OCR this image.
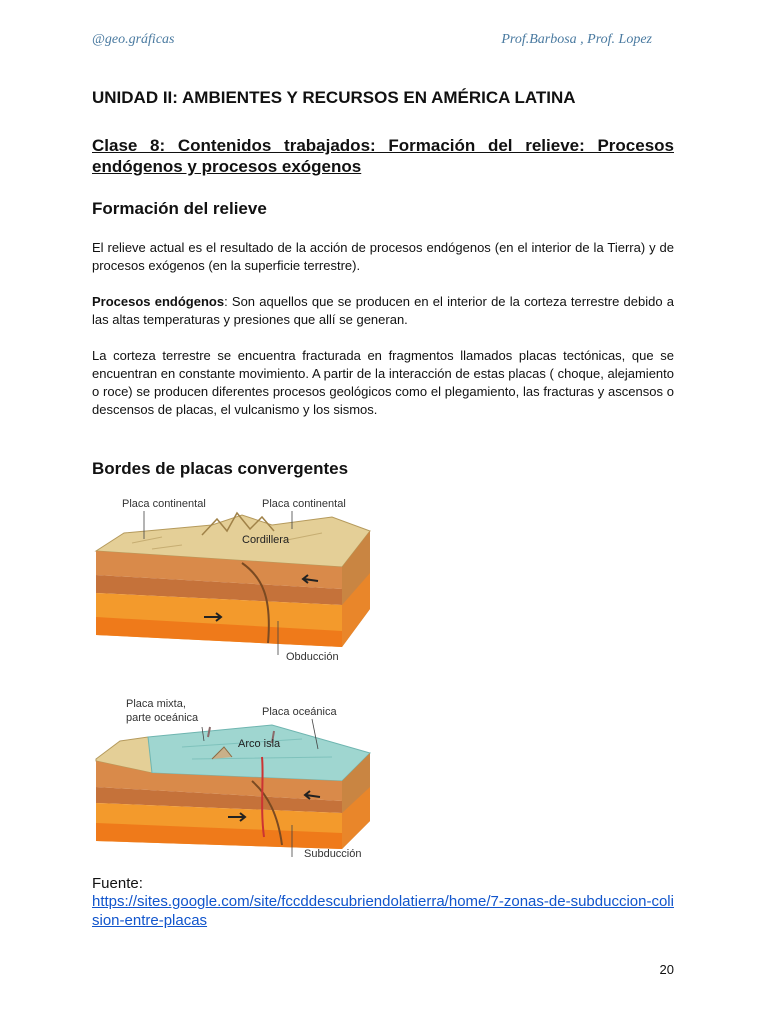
@geo.gráficas	Prof.Barbosa , Prof. Lopez
UNIDAD II: AMBIENTES Y RECURSOS EN AMÉRICA LATINA
Clase 8: Contenidos trabajados: Formación del relieve: Procesos endógenos y procesos exógenos
Formación del relieve

El relieve actual es el resultado de la acción de procesos endógenos (en el interior de la Tierra) y de procesos exógenos (en la superficie terrestre).

Procesos endógenos: Son aquellos que se producen en el interior de la corteza terrestre debido a las altas temperaturas y presiones que allí se generan.

La corteza terrestre se encuentra fracturada en fragmentos llamados placas tectónicas, que se encuentran en constante movimiento. A partir de la interacción de estas placas ( choque, alejamiento o roce) se producen diferentes procesos geológicos como el plegamiento, las fracturas y ascensos o descensos de placas, el vulcanismo y los sismos.

Bordes de placas convergentes
Placa continental	Placa continental
Cordillera
Obducción
Placa mixta,
parte oceánica	Placa oceánica
Arco isla
Subducción
Fuente:
https://sites.google.com/site/fccddescubriendolatierra/home/7-zonas-de-subduccion-colision-entre-placas
20
